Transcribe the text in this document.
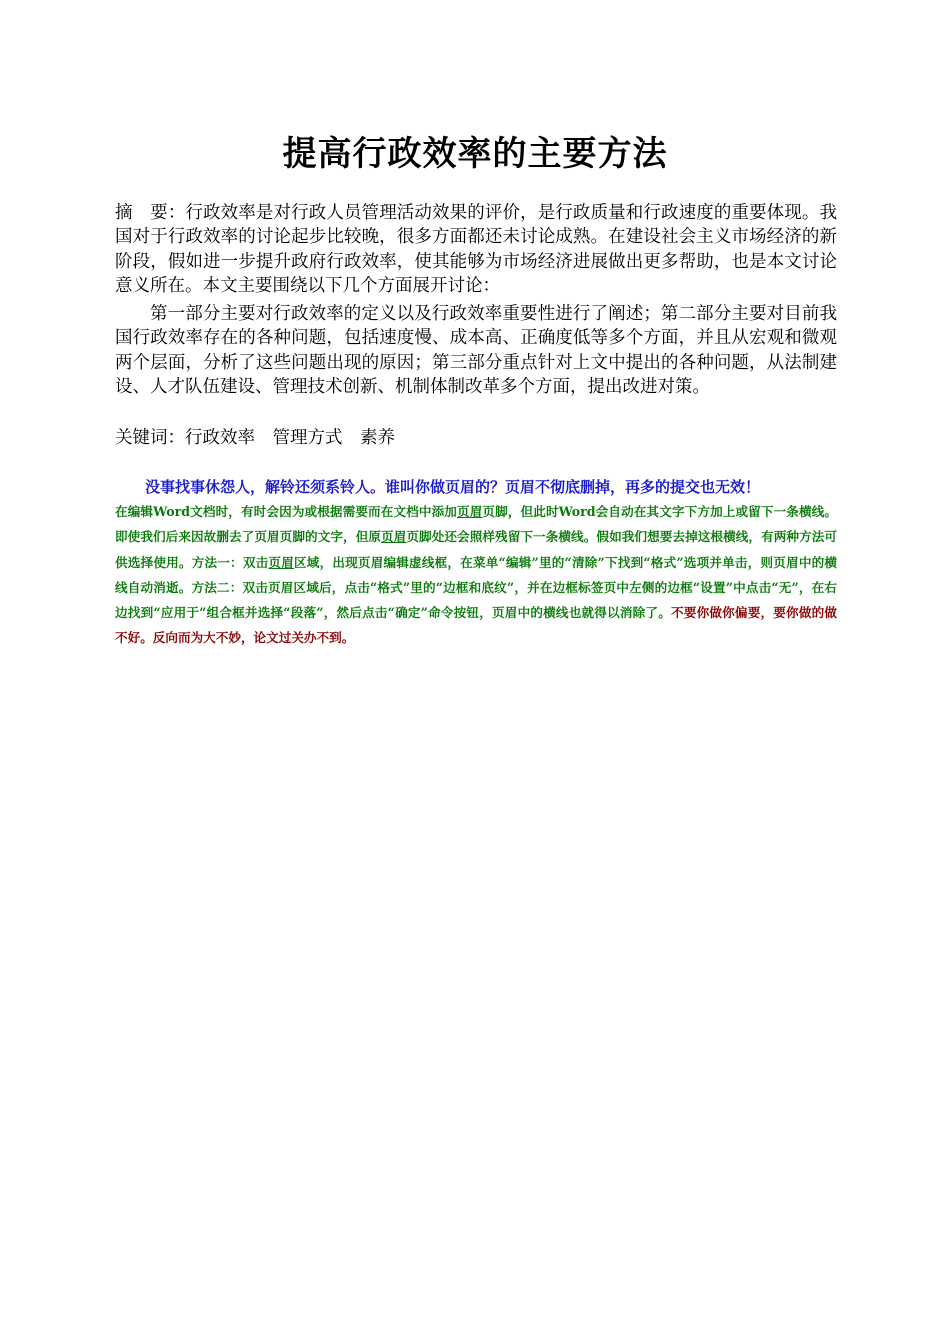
提高行政效率的主要方法

摘　要：行政效率是对行政人员管理活动效果的评价，是行政质量和行政速度的重要体现。我国对于行政效率的讨论起步比较晚，很多方面都还未讨论成熟。在建设社会主义市场经济的新阶段，假如进一步提升政府行政效率，使其能够为市场经济进展做出更多帮助，也是本文讨论意义所在。本文主要围绕以下几个方面展开讨论：

第一部分主要对行政效率的定义以及行政效率重要性进行了阐述；第二部分主要对目前我国行政效率存在的各种问题，包括速度慢、成本高、正确度低等多个方面，并且从宏观和微观两个层面，分析了这些问题出现的原因；第三部分重点针对上文中提出的各种问题，从法制建设、人才队伍建设、管理技术创新、机制体制改革多个方面，提出改进对策。

关键词：行政效率　管理方式　素养

没事找事休怨人，解铃还须系铃人。谁叫你做页眉的？页眉不彻底删掉，再多的提交也无效！

在编辑Word文档时，有时会因为或根据需要而在文档中添加页眉页脚，但此时Word会自动在其文字下方加上或留下一条横线。即使我们后来因故删去了页眉页脚的文字，但原页眉页脚处还会照样残留下一条横线。假如我们想要去掉这根横线，有两种方法可供选择使用。方法一：双击页眉区域，出现页眉编辑虚线框，在菜单“编辑”里的“清除”下找到“格式”选项并单击，则页眉中的横线自动消逝。方法二：双击页眉区域后，点击“格式”里的“边框和底纹”，并在边框标签页中左侧的边框“设置”中点击“无”，在右边找到“应用于”组合框并选择“段落”，然后点击“确定”命令按钮，页眉中的横线也就得以消除了。不要你做你偏要，要你做的做不好。反向而为大不妙，论文过关办不到。
